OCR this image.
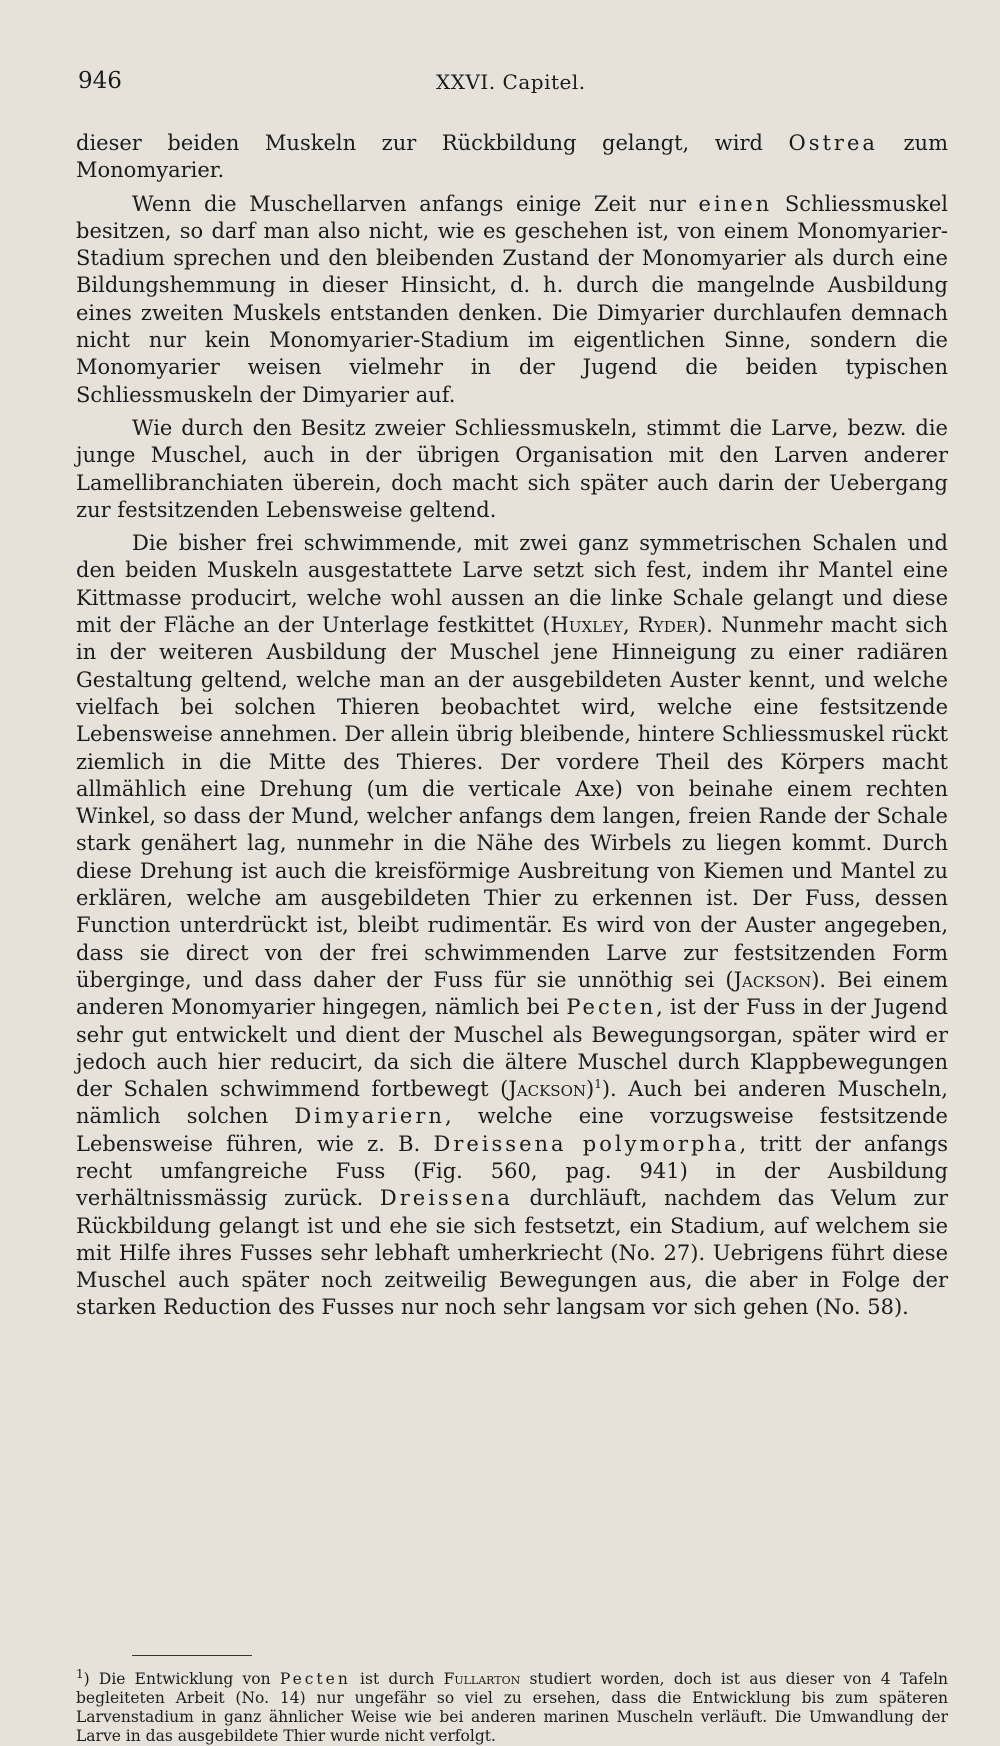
946	XXVI. Capitel.

dieser beiden Muskeln zur Rückbildung gelangt, wird Ostrea zum Monomyarier.

Wenn die Muschellarven anfangs einige Zeit nur einen Schliessmuskel besitzen, so darf man also nicht, wie es geschehen ist, von einem Monomyarier-Stadium sprechen und den bleibenden Zustand der Monomyarier als durch eine Bildungshemmung in dieser Hinsicht, d. h. durch die mangelnde Ausbildung eines zweiten Muskels entstanden denken. Die Dimyarier durchlaufen demnach nicht nur kein Monomyarier-Stadium im eigentlichen Sinne, sondern die Monomyarier weisen vielmehr in der Jugend die beiden typischen Schliessmuskeln der Dimyarier auf.

Wie durch den Besitz zweier Schliessmuskeln, stimmt die Larve, bezw. die junge Muschel, auch in der übrigen Organisation mit den Larven anderer Lamellibranchiaten überein, doch macht sich später auch darin der Uebergang zur festsitzenden Lebensweise geltend.

Die bisher frei schwimmende, mit zwei ganz symmetrischen Schalen und den beiden Muskeln ausgestattete Larve setzt sich fest, indem ihr Mantel eine Kittmasse producirt, welche wohl aussen an die linke Schale gelangt und diese mit der Fläche an der Unterlage festkittet (Huxley, Ryder). Nunmehr macht sich in der weiteren Ausbildung der Muschel jene Hinneigung zu einer radiären Gestaltung geltend, welche man an der ausgebildeten Auster kennt, und welche vielfach bei solchen Thieren beobachtet wird, welche eine festsitzende Lebensweise annehmen. Der allein übrig bleibende, hintere Schliessmuskel rückt ziemlich in die Mitte des Thieres. Der vordere Theil des Körpers macht allmählich eine Drehung (um die verticale Axe) von beinahe einem rechten Winkel, so dass der Mund, welcher anfangs dem langen, freien Rande der Schale stark genähert lag, nunmehr in die Nähe des Wirbels zu liegen kommt. Durch diese Drehung ist auch die kreisförmige Ausbreitung von Kiemen und Mantel zu erklären, welche am ausgebildeten Thier zu erkennen ist. Der Fuss, dessen Function unterdrückt ist, bleibt rudimentär. Es wird von der Auster angegeben, dass sie direct von der frei schwimmenden Larve zur festsitzenden Form überginge, und dass daher der Fuss für sie unnöthig sei (Jackson). Bei einem anderen Monomyarier hingegen, nämlich bei Pecten, ist der Fuss in der Jugend sehr gut entwickelt und dient der Muschel als Bewegungsorgan, später wird er jedoch auch hier reducirt, da sich die ältere Muschel durch Klappbewegungen der Schalen schwimmend fortbewegt (Jackson)$^1$). Auch bei anderen Muscheln, nämlich solchen Dimyariern, welche eine vorzugsweise festsitzende Lebensweise führen, wie z. B. Dreissena polymorpha, tritt der anfangs recht umfangreiche Fuss (Fig. 560, pag. 941) in der Ausbildung verhältnissmässig zurück. Dreissena durchläuft, nachdem das Velum zur Rückbildung gelangt ist und ehe sie sich festsetzt, ein Stadium, auf welchem sie mit Hilfe ihres Fusses sehr lebhaft umherkriecht (No. 27). Uebrigens führt diese Muschel auch später noch zeitweilig Bewegungen aus, die aber in Folge der starken Reduction des Fusses nur noch sehr langsam vor sich gehen (No. 58).

$^1$) Die Entwicklung von Pecten ist durch Fullarton studiert worden, doch ist aus dieser von 4 Tafeln begleiteten Arbeit (No. 14) nur ungefähr so viel zu ersehen, dass die Entwicklung bis zum späteren Larvenstadium in ganz ähnlicher Weise wie bei anderen marinen Muscheln verläuft. Die Umwandlung der Larve in das ausgebildete Thier wurde nicht verfolgt.
